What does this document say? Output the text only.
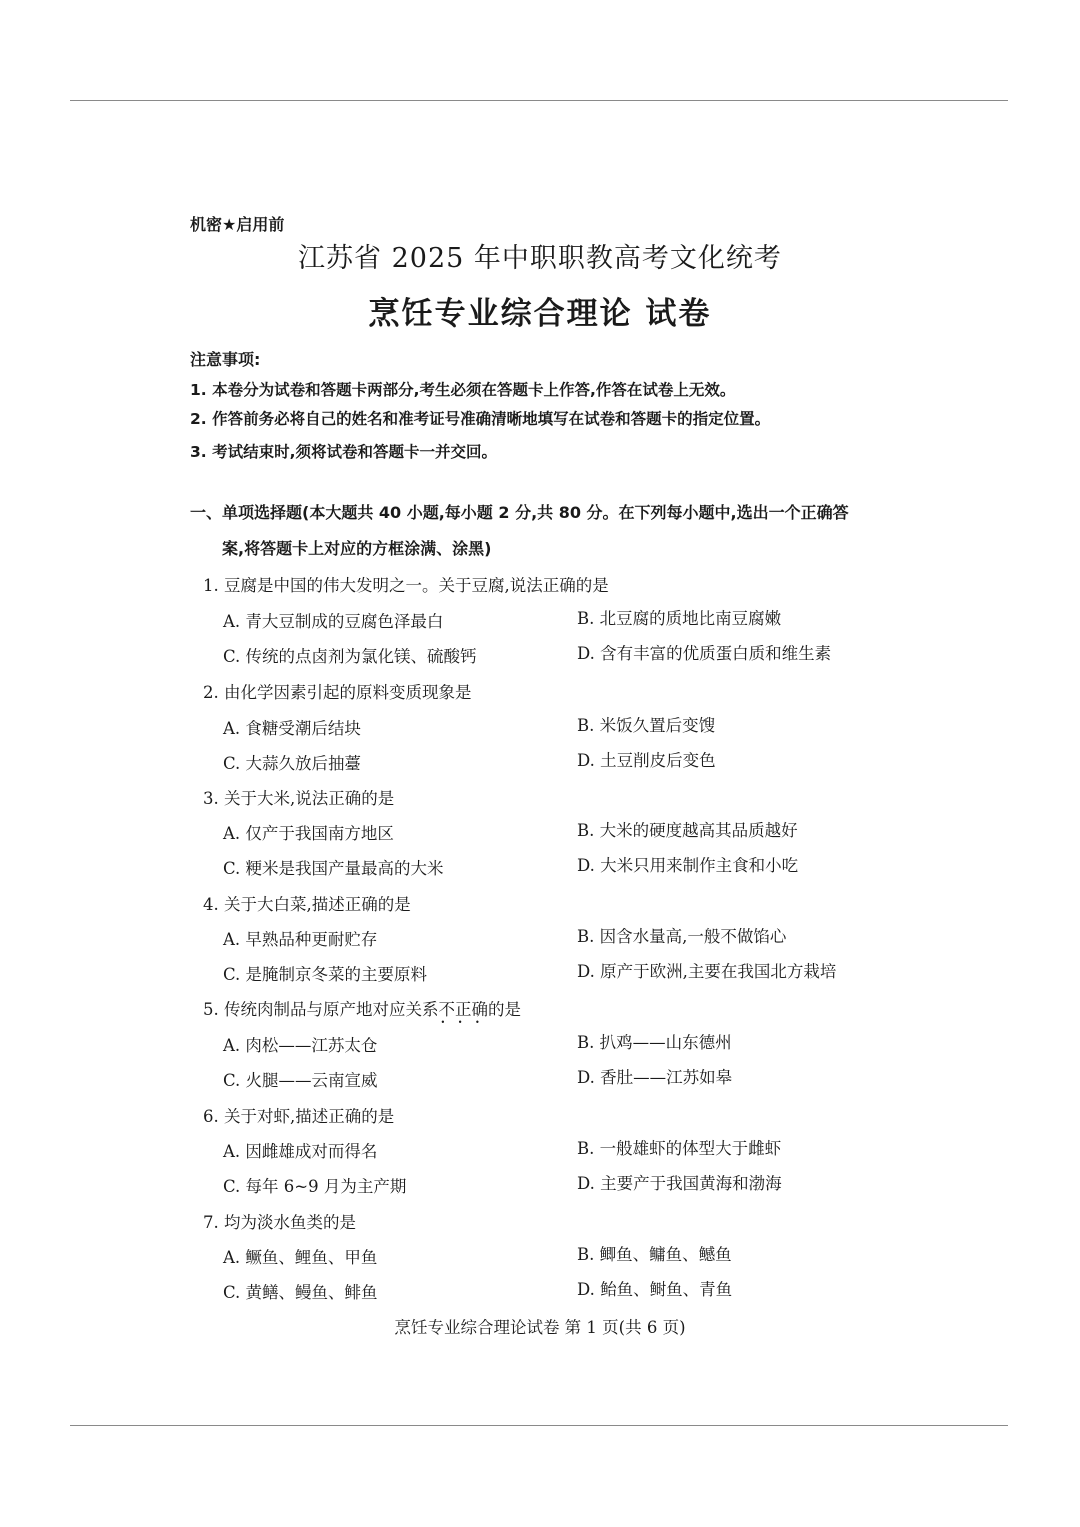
机密★启用前
江苏省 2025 年中职职教高考文化统考
烹饪专业综合理论 试卷
注意事项:
1. 本卷分为试卷和答题卡两部分,考生必须在答题卡上作答,作答在试卷上无效。
2. 作答前务必将自己的姓名和准考证号准确清晰地填写在试卷和答题卡的指定位置。
3. 考试结束时,须将试卷和答题卡一并交回。
一、单项选择题(本大题共 40 小题,每小题 2 分,共 80 分。在下列每小题中,选出一个正确答
案,将答题卡上对应的方框涂满、涂黑)
1. 豆腐是中国的伟大发明之一。关于豆腐,说法正确的是
A. 青大豆制成的豆腐色泽最白	B. 北豆腐的质地比南豆腐嫩
C. 传统的点卤剂为氯化镁、硫酸钙	D. 含有丰富的优质蛋白质和维生素
2. 由化学因素引起的原料变质现象是
A. 食糖受潮后结块	B. 米饭久置后变馊
C. 大蒜久放后抽薹	D. 土豆削皮后变色
3. 关于大米,说法正确的是
A. 仅产于我国南方地区	B. 大米的硬度越高其品质越好
C. 粳米是我国产量最高的大米	D. 大米只用来制作主食和小吃
4. 关于大白菜,描述正确的是
A. 早熟品种更耐贮存	B. 因含水量高,一般不做馅心
C. 是腌制京冬菜的主要原料	D. 原产于欧洲,主要在我国北方栽培
5. 传统肉制品与原产地对应关系不正确 • • •的是
A. 肉松——江苏太仓	B. 扒鸡——山东德州
C. 火腿——云南宣威	D. 香肚——江苏如皋
6. 关于对虾,描述正确的是
A. 因雌雄成对而得名	B. 一般雄虾的体型大于雌虾
C. 每年 6~9 月为主产期	D. 主要产于我国黄海和渤海
7. 均为淡水鱼类的是
A. 鳜鱼、鲤鱼、甲鱼	B. 鲫鱼、鳙鱼、鳡鱼
C. 黄鳝、鳗鱼、鲱鱼	D. 鲐鱼、鲥鱼、青鱼
烹饪专业综合理论试卷 第 1 页(共 6 页)
